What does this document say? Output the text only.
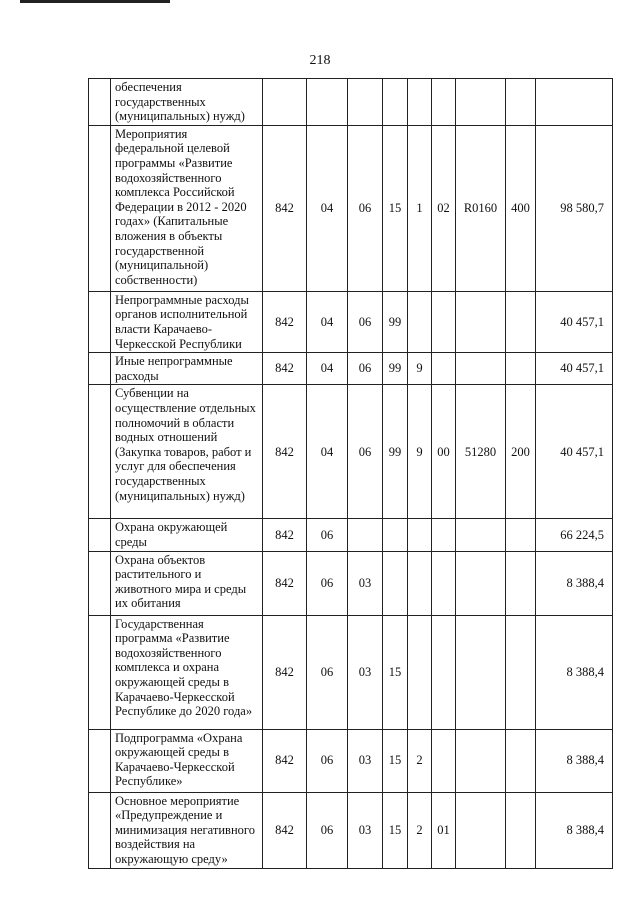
218
	обеспечения государственных (муниципальных) нужд)									
	Мероприятия федеральной целевой программы «Развитие водохозяйственного комплекса Российской Федерации в 2012 - 2020 годах» (Капитальные вложения в объекты государственной (муниципальной) собственности)	842	04	06	15	1	02	R0160	400	98 580,7
	Непрограммные расходы органов исполнительной власти Карачаево-Черкесской Республики	842	04	06	99					40 457,1
	Иные непрограммные расходы	842	04	06	99	9				40 457,1
	Субвенции на осуществление отдельных полномочий в области водных отношений (Закупка товаров, работ и услуг для обеспечения государственных (муниципальных) нужд)	842	04	06	99	9	00	51280	200	40 457,1
	Охрана окружающей среды	842	06							66 224,5
	Охрана объектов растительного и животного мира и среды их обитания	842	06	03						8 388,4
	Государственная программа «Развитие водохозяйственного комплекса и охрана окружающей среды в Карачаево-Черкесской Республике до 2020 года»	842	06	03	15					8 388,4
	Подпрограмма «Охрана окружающей среды в Карачаево-Черкесской Республике»	842	06	03	15	2				8 388,4
	Основное мероприятие «Предупреждение и минимизация негативного воздействия на окружающую среду»	842	06	03	15	2	01			8 388,4
